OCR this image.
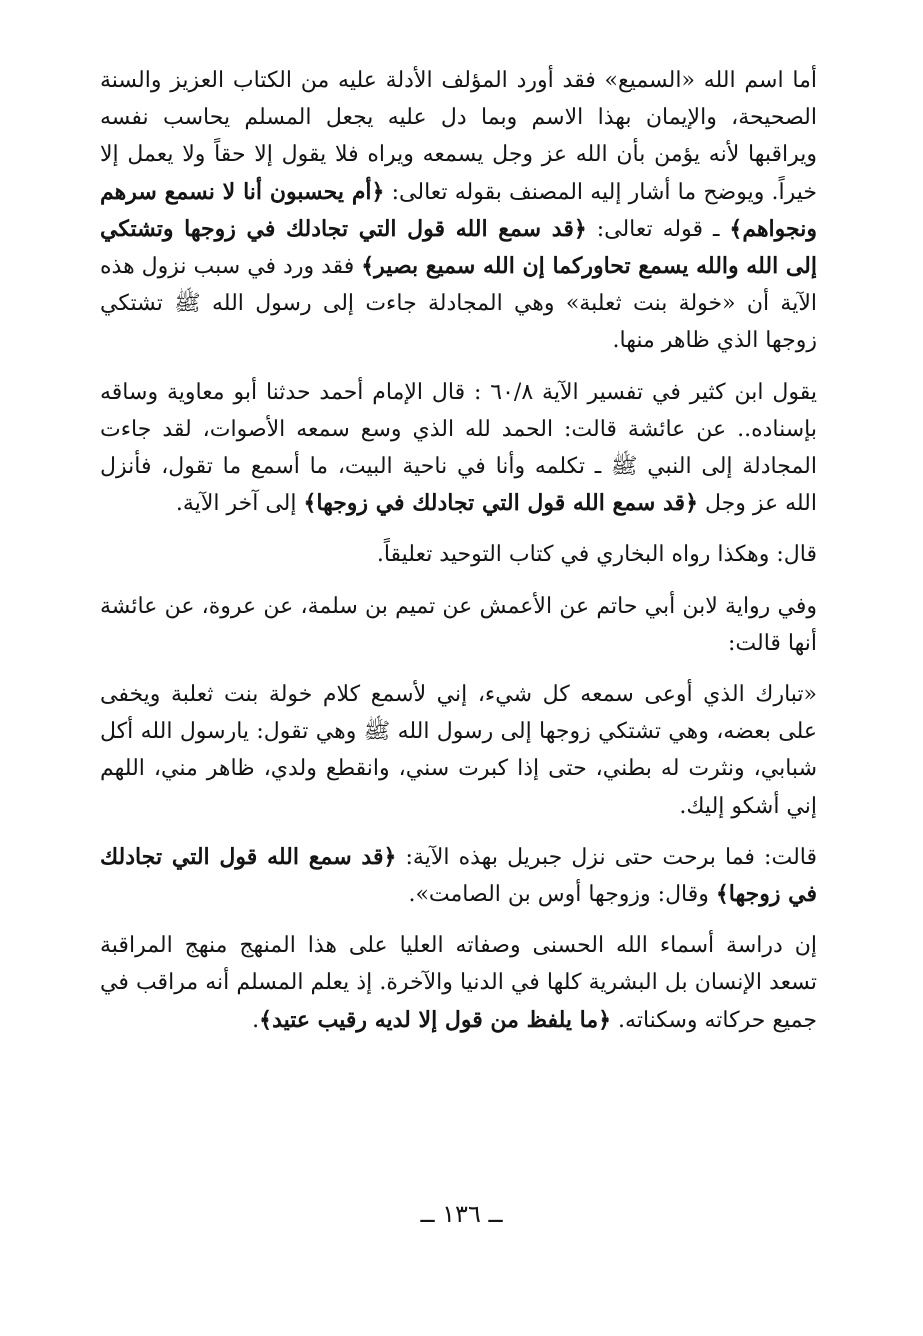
أما اسم الله «السميع» فقد أورد المؤلف الأدلة عليه من الكتاب العزيز والسنة الصحيحة، والإيمان بهذا الاسم وبما دل عليه يجعل المسلم يحاسب نفسه ويراقبها لأنه يؤمن بأن الله عز وجل يسمعه ويراه فلا يقول إلا حقاً ولا يعمل إلا خيراً. ويوضح ما أشار إليه المصنف بقوله تعالى: ﴿أم يحسبون أنا لا نسمع سرهم ونجواهم﴾ ـ قوله تعالى: ﴿قد سمع الله قول التي تجادلك في زوجها وتشتكي إلى الله والله يسمع تحاوركما إن الله سميع بصير﴾ فقد ورد في سبب نزول هذه الآية أن «خولة بنت ثعلبة» وهي المجادلة جاءت إلى رسول الله ﷺ تشتكي زوجها الذي ظاهر منها.

يقول ابن كثير في تفسير الآية ٦٠/٨ : قال الإمام أحمد حدثنا أبو معاوية وساقه بإسناده.. عن عائشة قالت: الحمد لله الذي وسع سمعه الأصوات، لقد جاءت المجادلة إلى النبي ﷺ ـ تكلمه وأنا في ناحية البيت، ما أسمع ما تقول، فأنزل الله عز وجل ﴿قد سمع الله قول التي تجادلك في زوجها﴾ إلى آخر الآية.

قال: وهكذا رواه البخاري في كتاب التوحيد تعليقاً.

وفي رواية لابن أبي حاتم عن الأعمش عن تميم بن سلمة، عن عروة، عن عائشة أنها قالت:

«تبارك الذي أوعى سمعه كل شيء، إني لأسمع كلام خولة بنت ثعلبة ويخفى على بعضه، وهي تشتكي زوجها إلى رسول الله ﷺ وهي تقول: يارسول الله أكل شبابي، ونثرت له بطني، حتى إذا كبرت سني، وانقطع ولدي، ظاهر مني، اللهم إني أشكو إليك.

قالت: فما برحت حتى نزل جبريل بهذه الآية: ﴿قد سمع الله قول التي تجادلك في زوجها﴾ وقال: وزوجها أوس بن الصامت».

إن دراسة أسماء الله الحسنى وصفاته العليا على هذا المنهج منهج المراقبة تسعد الإنسان بل البشرية كلها في الدنيا والآخرة. إذ يعلم المسلم أنه مراقب في جميع حركاته وسكناته. ﴿ما يلفظ من قول إلا لديه رقيب عتيد﴾.

ــ ١٣٦ ــ
